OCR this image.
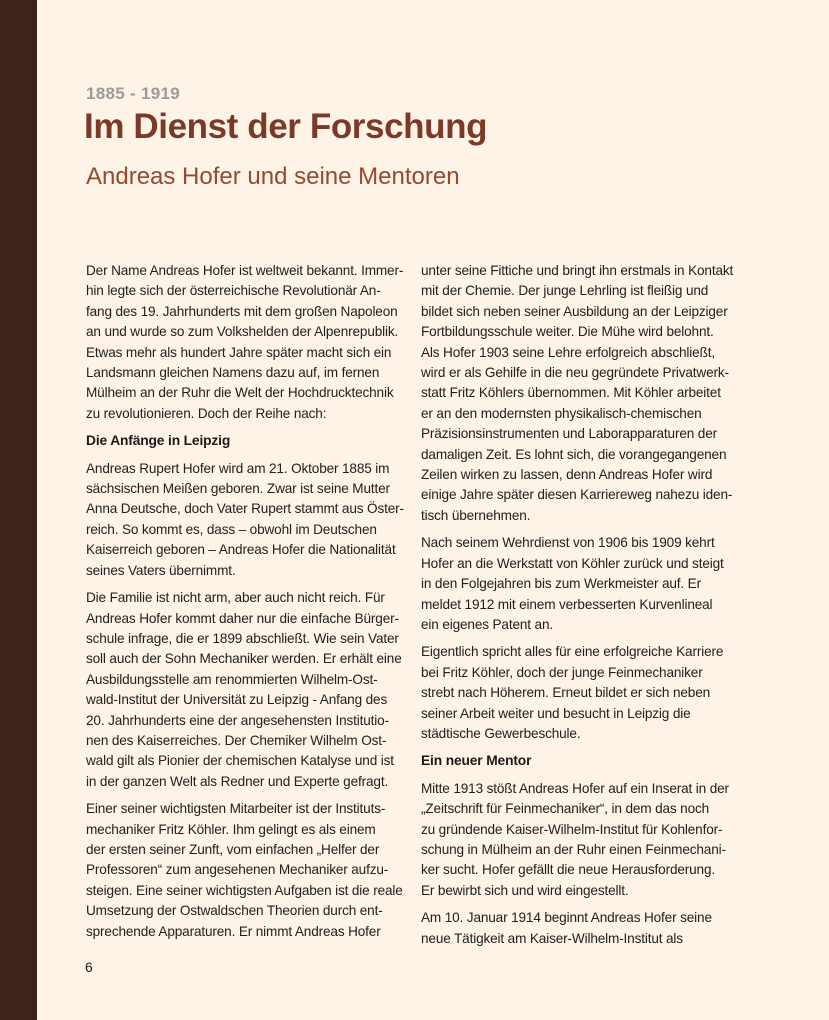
1885 - 1919
Im Dienst der Forschung
Andreas Hofer und seine Mentoren
Der Name Andreas Hofer ist weltweit bekannt. Immer-
hin legte sich der österreichische Revolutionär An-
fang des 19. Jahrhunderts mit dem großen Napoleon
an und wurde so zum Volkshelden der Alpenrepublik.
Etwas mehr als hundert Jahre später macht sich ein
Landsmann gleichen Namens dazu auf, im fernen
Mülheim an der Ruhr die Welt der Hochdrucktechnik
zu revolutionieren. Doch der Reihe nach:
Die Anfänge in Leipzig
Andreas Rupert Hofer wird am 21. Oktober 1885 im
sächsischen Meißen geboren. Zwar ist seine Mutter
Anna Deutsche, doch Vater Rupert stammt aus Öster-
reich. So kommt es, dass – obwohl im Deutschen
Kaiserreich geboren – Andreas Hofer die Nationalität
seines Vaters übernimmt.
Die Familie ist nicht arm, aber auch nicht reich. Für
Andreas Hofer kommt daher nur die einfache Bürger-
schule infrage, die er 1899 abschließt. Wie sein Vater
soll auch der Sohn Mechaniker werden. Er erhält eine
Ausbildungsstelle am renommierten Wilhelm-Ost-
wald-Institut der Universität zu Leipzig - Anfang des
20. Jahrhunderts eine der angesehensten Institutio-
nen des Kaiserreiches. Der Chemiker Wilhelm Ost-
wald gilt als Pionier der chemischen Katalyse und ist
in der ganzen Welt als Redner und Experte gefragt.
Einer seiner wichtigsten Mitarbeiter ist der Instituts-
mechaniker Fritz Köhler. Ihm gelingt es als einem
der ersten seiner Zunft, vom einfachen „Helfer der
Professoren“ zum angesehenen Mechaniker aufzu-
steigen. Eine seiner wichtigsten Aufgaben ist die reale
Umsetzung der Ostwaldschen Theorien durch ent-
sprechende Apparaturen. Er nimmt Andreas Hofer
unter seine Fittiche und bringt ihn erstmals in Kontakt
mit der Chemie. Der junge Lehrling ist fleißig und
bildet sich neben seiner Ausbildung an der Leipziger
Fortbildungsschule weiter. Die Mühe wird belohnt.
Als Hofer 1903 seine Lehre erfolgreich abschließt,
wird er als Gehilfe in die neu gegründete Privatwerk-
statt Fritz Köhlers übernommen. Mit Köhler arbeitet
er an den modernsten physikalisch-chemischen
Präzisionsinstrumenten und Laborapparaturen der
damaligen Zeit. Es lohnt sich, die vorangegangenen
Zeilen wirken zu lassen, denn Andreas Hofer wird
einige Jahre später diesen Karriereweg nahezu iden-
tisch übernehmen.
Nach seinem Wehrdienst von 1906 bis 1909 kehrt
Hofer an die Werkstatt von Köhler zurück und steigt
in den Folgejahren bis zum Werkmeister auf. Er
meldet 1912 mit einem verbesserten Kurvenlineal
ein eigenes Patent an.
Eigentlich spricht alles für eine erfolgreiche Karriere
bei Fritz Köhler, doch der junge Feinmechaniker
strebt nach Höherem. Erneut bildet er sich neben
seiner Arbeit weiter und besucht in Leipzig die
städtische Gewerbeschule.
Ein neuer Mentor
Mitte 1913 stößt Andreas Hofer auf ein Inserat in der
„Zeitschrift für Feinmechaniker“, in dem das noch
zu gründende Kaiser-Wilhelm-Institut für Kohlenfor-
schung in Mülheim an der Ruhr einen Feinmechani-
ker sucht. Hofer gefällt die neue Herausforderung.
Er bewirbt sich und wird eingestellt.
Am 10. Januar 1914 beginnt Andreas Hofer seine
neue Tätigkeit am Kaiser-Wilhelm-Institut als
6
